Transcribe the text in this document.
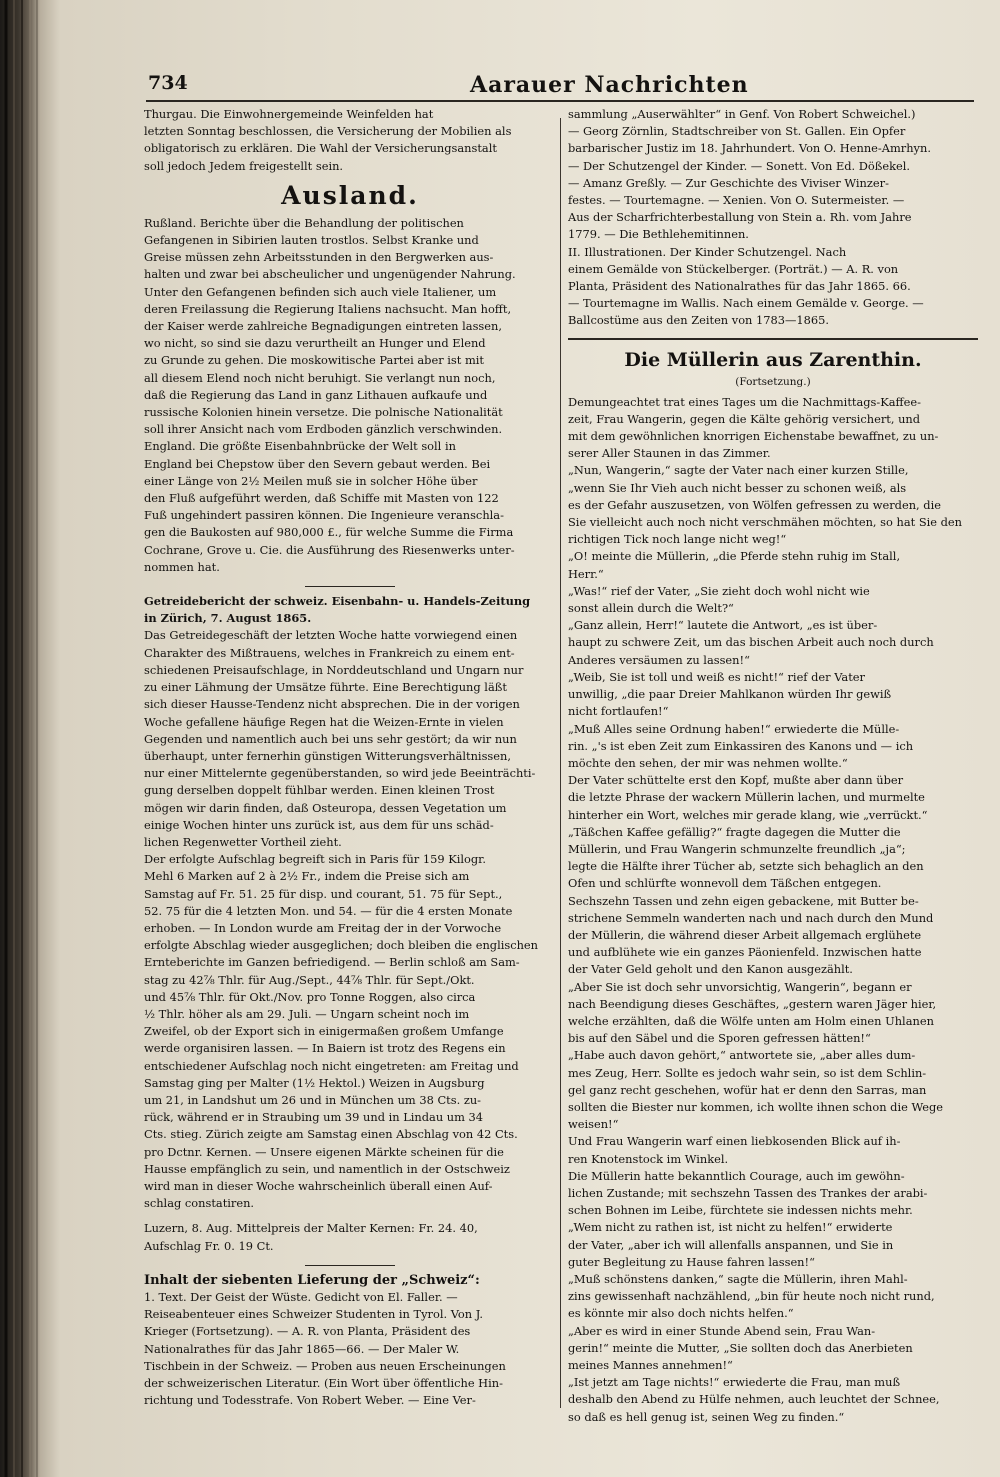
734	Aarauer Nachrichten

Thurgau. Die Einwohnergemeinde Weinfelden hat

letzten Sonntag beschlossen, die Versicherung der Mobilien als

obligatorisch zu erklären. Die Wahl der Versicherungsanstalt

soll jedoch Jedem freigestellt sein.

Ausland.

Rußland. Berichte über die Behandlung der politischen

Gefangenen in Sibirien lauten trostlos. Selbst Kranke und

Greise müssen zehn Arbeitsstunden in den Bergwerken aus-

halten und zwar bei abscheulicher und ungenügender Nahrung.

Unter den Gefangenen befinden sich auch viele Italiener, um

deren Freilassung die Regierung Italiens nachsucht. Man hofft,

der Kaiser werde zahlreiche Begnadigungen eintreten lassen,

wo nicht, so sind sie dazu verurtheilt an Hunger und Elend

zu Grunde zu gehen. Die moskowitische Partei aber ist mit

all diesem Elend noch nicht beruhigt. Sie verlangt nun noch,

daß die Regierung das Land in ganz Lithauen aufkaufe und

russische Kolonien hinein versetze. Die polnische Nationalität

soll ihrer Ansicht nach vom Erdboden gänzlich verschwinden.

England. Die größte Eisenbahnbrücke der Welt soll in

England bei Chepstow über den Severn gebaut werden. Bei

einer Länge von 2½ Meilen muß sie in solcher Höhe über

den Fluß aufgeführt werden, daß Schiffe mit Masten von 122

Fuß ungehindert passiren können. Die Ingenieure veranschla-

gen die Baukosten auf 980,000 £., für welche Summe die Firma

Cochrane, Grove u. Cie. die Ausführung des Riesenwerks unter-

nommen hat.

Getreidebericht der schweiz. Eisenbahn- u. Handels-Zeitung

in Zürich, 7. August 1865.

Das Getreidegeschäft der letzten Woche hatte vorwiegend einen

Charakter des Mißtrauens, welches in Frankreich zu einem ent-

schiedenen Preisaufschlage, in Norddeutschland und Ungarn nur

zu einer Lähmung der Umsätze führte. Eine Berechtigung läßt

sich dieser Hausse-Tendenz nicht absprechen. Die in der vorigen

Woche gefallene häufige Regen hat die Weizen-Ernte in vielen

Gegenden und namentlich auch bei uns sehr gestört; da wir nun

überhaupt, unter fernerhin günstigen Witterungsverhältnissen,

nur einer Mittelernte gegenüberstanden, so wird jede Beeinträchti-

gung derselben doppelt fühlbar werden. Einen kleinen Trost

mögen wir darin finden, daß Osteuropa, dessen Vegetation um

einige Wochen hinter uns zurück ist, aus dem für uns schäd-

lichen Regenwetter Vortheil zieht.

Der erfolgte Aufschlag begreift sich in Paris für 159 Kilogr.

Mehl 6 Marken auf 2 à 2½ Fr., indem die Preise sich am

Samstag auf Fr. 51. 25 für disp. und courant, 51. 75 für Sept.,

52. 75 für die 4 letzten Mon. und 54. — für die 4 ersten Monate

erhoben. — In London wurde am Freitag der in der Vorwoche

erfolgte Abschlag wieder ausgeglichen; doch bleiben die englischen

Ernteberichte im Ganzen befriedigend. — Berlin schloß am Sam-

stag zu 42⅞ Thlr. für Aug./Sept., 44⅞ Thlr. für Sept./Okt.

und 45⅞ Thlr. für Okt./Nov. pro Tonne Roggen, also circa

½ Thlr. höher als am 29. Juli. — Ungarn scheint noch im

Zweifel, ob der Export sich in einigermaßen großem Umfange

werde organisiren lassen. — In Baiern ist trotz des Regens ein

entschiedener Aufschlag noch nicht eingetreten: am Freitag und

Samstag ging per Malter (1½ Hektol.) Weizen in Augsburg

um 21, in Landshut um 26 und in München um 38 Cts. zu-

rück, während er in Straubing um 39 und in Lindau um 34

Cts. stieg. Zürich zeigte am Samstag einen Abschlag von 42 Cts.

pro Dctnr. Kernen. — Unsere eigenen Märkte scheinen für die

Hausse empfänglich zu sein, und namentlich in der Ostschweiz

wird man in dieser Woche wahrscheinlich überall einen Auf-

schlag constatiren.

Luzern, 8. Aug. Mittelpreis der Malter Kernen: Fr. 24. 40,

Aufschlag Fr. 0. 19 Ct.

Inhalt der siebenten Lieferung der „Schweiz“:

1. Text. Der Geist der Wüste. Gedicht von El. Faller. —

Reiseabenteuer eines Schweizer Studenten in Tyrol. Von J.

Krieger (Fortsetzung). — A. R. von Planta, Präsident des

Nationalrathes für das Jahr 1865—66. — Der Maler W.

Tischbein in der Schweiz. — Proben aus neuen Erscheinungen

der schweizerischen Literatur. (Ein Wort über öffentliche Hin-

richtung und Todesstrafe. Von Robert Weber. — Eine Ver-

sammlung „Auserwählter“ in Genf. Von Robert Schweichel.)

— Georg Zörnlin, Stadtschreiber von St. Gallen. Ein Opfer

barbarischer Justiz im 18. Jahrhundert. Von O. Henne-Amrhyn.

— Der Schutzengel der Kinder. — Sonett. Von Ed. Dößekel.

— Amanz Greßly. — Zur Geschichte des Viviser Winzer-

festes. — Tourtemagne. — Xenien. Von O. Sutermeister. —

Aus der Scharfrichterbestallung von Stein a. Rh. vom Jahre

1779. — Die Bethlehemitinnen.

II. Illustrationen. Der Kinder Schutzengel. Nach

einem Gemälde von Stückelberger. (Porträt.) — A. R. von

Planta, Präsident des Nationalrathes für das Jahr 1865. 66.

— Tourtemagne im Wallis. Nach einem Gemälde v. George. —

Ballcostüme aus den Zeiten von 1783—1865.

Die Müllerin aus Zarenthin.
(Fortsetzung.)

Demungeachtet trat eines Tages um die Nachmittags-Kaffee-

zeit, Frau Wangerin, gegen die Kälte gehörig versichert, und

mit dem gewöhnlichen knorrigen Eichenstabe bewaffnet, zu un-

serer Aller Staunen in das Zimmer.

„Nun, Wangerin,“ sagte der Vater nach einer kurzen Stille,

„wenn Sie Ihr Vieh auch nicht besser zu schonen weiß, als

es der Gefahr auszusetzen, von Wölfen gefressen zu werden, die

Sie vielleicht auch noch nicht verschmähen möchten, so hat Sie den

richtigen Tick noch lange nicht weg!“

„O! meinte die Müllerin, „die Pferde stehn ruhig im Stall,

Herr.“

„Was!“ rief der Vater, „Sie zieht doch wohl nicht wie

sonst allein durch die Welt?“

„Ganz allein, Herr!“ lautete die Antwort, „es ist über-

haupt zu schwere Zeit, um das bischen Arbeit auch noch durch

Anderes versäumen zu lassen!“

„Weib, Sie ist toll und weiß es nicht!“ rief der Vater

unwillig, „die paar Dreier Mahlkanon würden Ihr gewiß

nicht fortlaufen!“

„Muß Alles seine Ordnung haben!“ erwiederte die Mülle-

rin. „'s ist eben Zeit zum Einkassiren des Kanons und — ich

möchte den sehen, der mir was nehmen wollte.“

Der Vater schüttelte erst den Kopf, mußte aber dann über

die letzte Phrase der wackern Müllerin lachen, und murmelte

hinterher ein Wort, welches mir gerade klang, wie „verrückt.“

„Täßchen Kaffee gefällig?“ fragte dagegen die Mutter die

Müllerin, und Frau Wangerin schmunzelte freundlich „ja“;

legte die Hälfte ihrer Tücher ab, setzte sich behaglich an den

Ofen und schlürfte wonnevoll dem Täßchen entgegen.

Sechszehn Tassen und zehn eigen gebackene, mit Butter be-

strichene Semmeln wanderten nach und nach durch den Mund

der Müllerin, die während dieser Arbeit allgemach erglühete

und aufblühete wie ein ganzes Päonienfeld. Inzwischen hatte

der Vater Geld geholt und den Kanon ausgezählt.

„Aber Sie ist doch sehr unvorsichtig, Wangerin“, begann er

nach Beendigung dieses Geschäftes, „gestern waren Jäger hier,

welche erzählten, daß die Wölfe unten am Holm einen Uhlanen

bis auf den Säbel und die Sporen gefressen hätten!“

„Habe auch davon gehört,“ antwortete sie, „aber alles dum-

mes Zeug, Herr. Sollte es jedoch wahr sein, so ist dem Schlin-

gel ganz recht geschehen, wofür hat er denn den Sarras, man

sollten die Biester nur kommen, ich wollte ihnen schon die Wege

weisen!“

Und Frau Wangerin warf einen liebkosenden Blick auf ih-

ren Knotenstock im Winkel.

Die Müllerin hatte bekanntlich Courage, auch im gewöhn-

lichen Zustande; mit sechszehn Tassen des Trankes der arabi-

schen Bohnen im Leibe, fürchtete sie indessen nichts mehr.

„Wem nicht zu rathen ist, ist nicht zu helfen!“ erwiderte

der Vater, „aber ich will allenfalls anspannen, und Sie in

guter Begleitung zu Hause fahren lassen!“

„Muß schönstens danken,“ sagte die Müllerin, ihren Mahl-

zins gewissenhaft nachzählend, „bin für heute noch nicht rund,

es könnte mir also doch nichts helfen.“

„Aber es wird in einer Stunde Abend sein, Frau Wan-

gerin!“ meinte die Mutter, „Sie sollten doch das Anerbieten

meines Mannes annehmen!“

„Ist jetzt am Tage nichts!“ erwiederte die Frau, man muß

deshalb den Abend zu Hülfe nehmen, auch leuchtet der Schnee,

so daß es hell genug ist, seinen Weg zu finden.“
